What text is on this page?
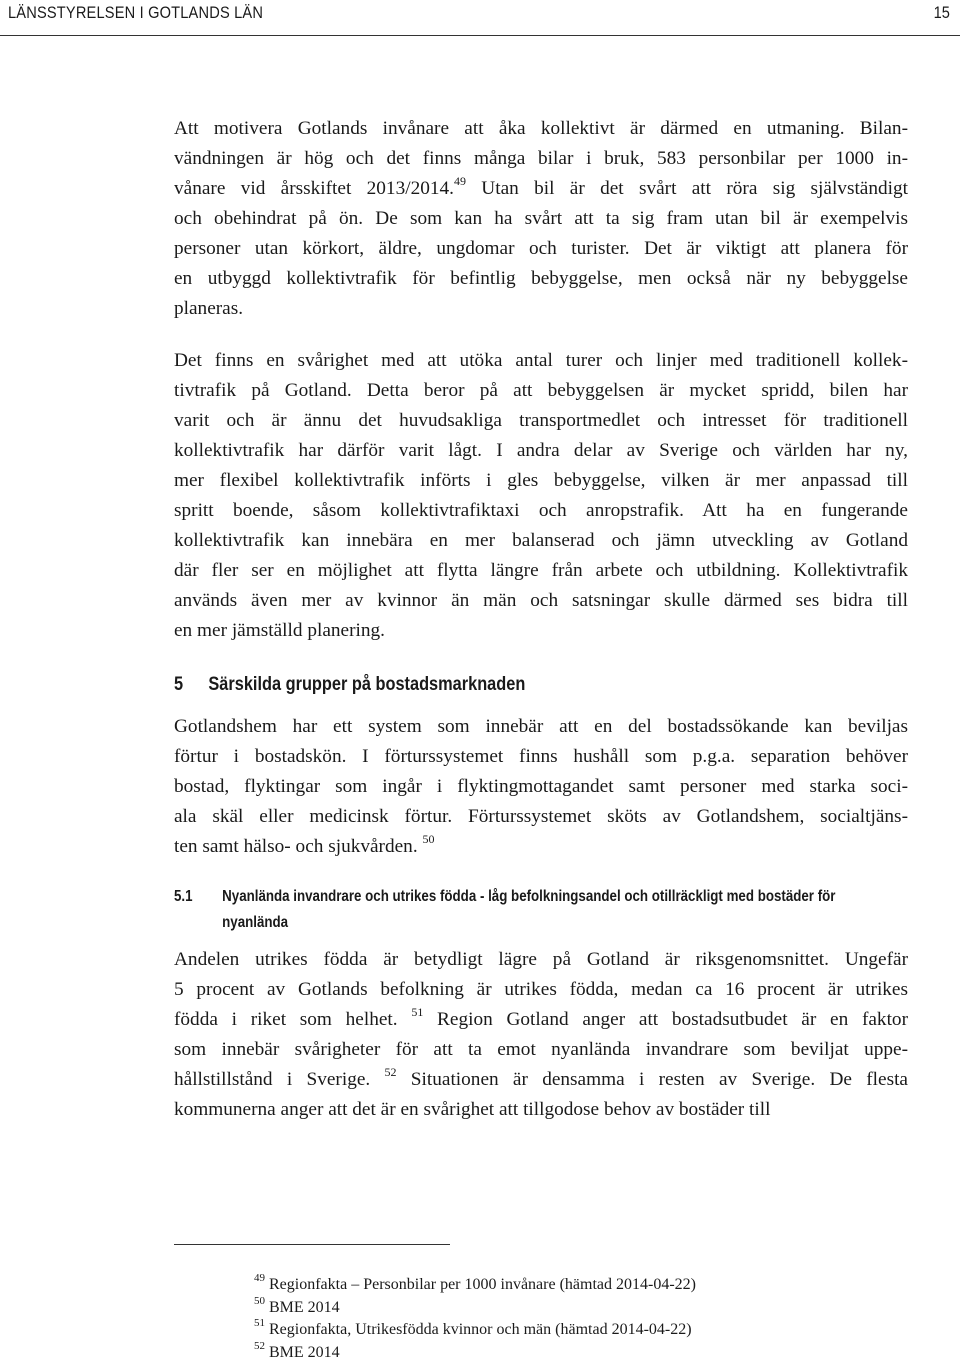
LÄNSSTYRELSEN I GOTLANDS LÄN	15
Att motivera Gotlands invånare att åka kollektivt är därmed en utmaning. Bilan-
vändningen är hög och det finns många bilar i bruk, 583 personbilar per 1000 in-
vånare vid årsskiftet 2013/2014.49 Utan bil är det svårt att röra sig självständigt
och obehindrat på ön. De som kan ha svårt att ta sig fram utan bil är exempelvis
personer utan körkort, äldre, ungdomar och turister. Det är viktigt att planera för
en utbyggd kollektivtrafik för befintlig bebyggelse, men också när ny bebyggelse
planeras.
Det finns en svårighet med att utöka antal turer och linjer med traditionell kollek-
tivtrafik på Gotland. Detta beror på att bebyggelsen är mycket spridd, bilen har
varit och är ännu det huvudsakliga transportmedlet och intresset för traditionell
kollektivtrafik har därför varit lågt. I andra delar av Sverige och världen har ny,
mer flexibel kollektivtrafik införts i gles bebyggelse, vilken är mer anpassad till
spritt boende, såsom kollektivtrafiktaxi och anropstrafik. Att ha en fungerande
kollektivtrafik kan innebära en mer balanserad och jämn utveckling av Gotland
där fler ser en möjlighet att flytta längre från arbete och utbildning. Kollektivtrafik
används även mer av kvinnor än män och satsningar skulle därmed ses bidra till
en mer jämställd planering.
5 Särskilda grupper på bostadsmarknaden
Gotlandshem har ett system som innebär att en del bostadssökande kan beviljas
förtur i bostadskön. I förturssystemet finns hushåll som p.g.a. separation behöver
bostad, flyktingar som ingår i flyktingmottagandet samt personer med starka soci-
ala skäl eller medicinsk förtur. Förturssystemet sköts av Gotlandshem, socialtjäns-
ten samt hälso- och sjukvården. $^{50}$
5.1 Nyanlända invandrare och utrikes födda - låg befolkningsandel och otillräckligt med bostäder för
nyanlända
Andelen utrikes födda är betydligt lägre på Gotland är riksgenomsnittet. Ungefär
5 procent av Gotlands befolkning är utrikes födda, medan ca 16 procent är utrikes
födda i riket som helhet. $^{51}$ Region Gotland anger att bostadsutbudet är en faktor
som innebär svårigheter för att ta emot nyanlända invandrare som beviljat uppe-
hållstillstånd i Sverige. $^{52}$ Situationen är densamma i resten av Sverige. De flesta
kommunerna anger att det är en svårighet att tillgodose behov av bostäder till
$^{49}$ Regionfakta – Personbilar per 1000 invånare (hämtad 2014-04-22)
$^{50}$ BME 2014
$^{51}$ Regionfakta, Utrikesfödda kvinnor och män (hämtad 2014-04-22)
$^{52}$ BME 2014
